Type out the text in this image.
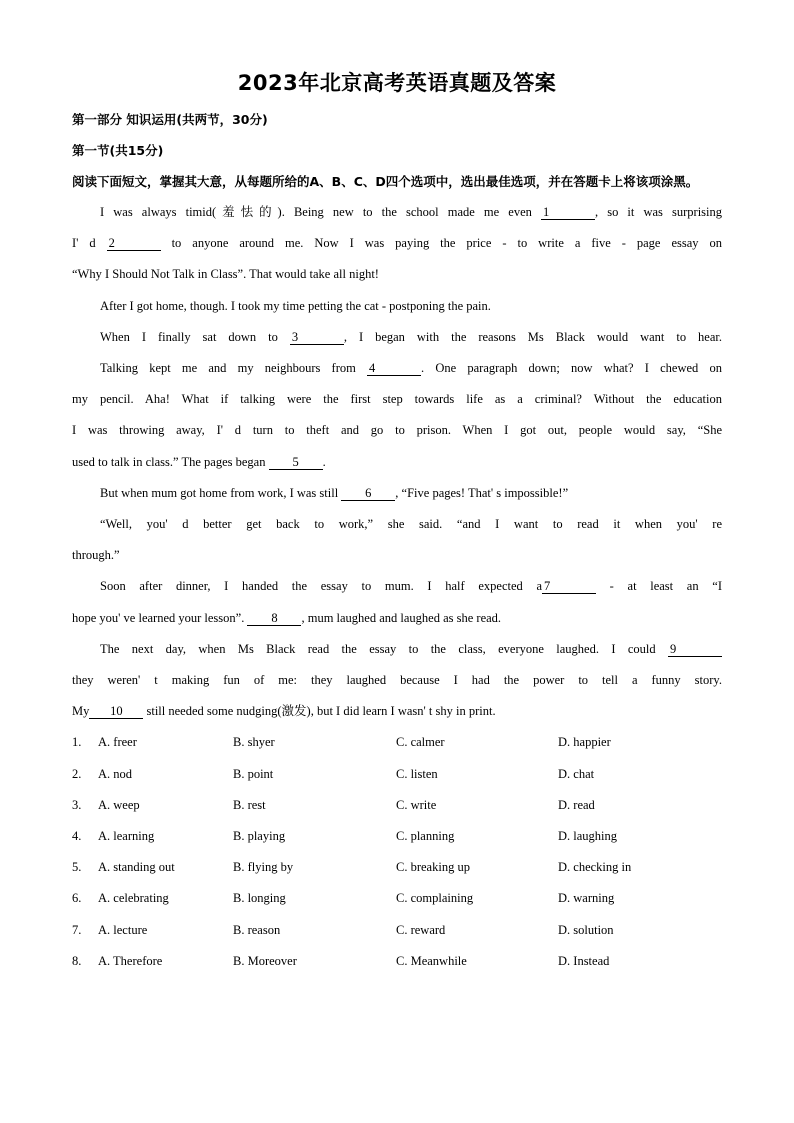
2023年北京高考英语真题及答案
第一部分 知识运用(共两节，30分)
第一节(共15分)
阅读下面短文，掌握其大意，从每题所给的A、B、C、D四个选项中，选出最佳选项，并在答题卡上将该项涂黑。
I was always timid(羞怯的). Being new to the school made me even 1	, so it was surprising
I' d 2	to anyone around me. Now I was paying the price - to write a five - page essay on
“Why I Should Not Talk in Class”. That would take all night!
After I got home, though. I took my time petting the cat - postponing the pain.
When I finally sat down to 3	, I began with the reasons Ms Black would want to hear.
Talking kept me and my neighbours from 4	. One paragraph down; now what? I chewed on
my pencil. Aha! What if talking were the first step towards life as a criminal? Without the education
I was throwing away, I' d turn to theft and go to prison. When I got out, people would say, “She
used to talk in class.” The pages began 5 .
But when mum got home from work, I was still 6 , “Five pages! That' s impossible!”
“Well, you' d better get back to work,” she said. “and I want to read it when you' re
through.”
Soon after dinner, I handed the essay to mum. I half expected a 7	- at least an “I
hope you' ve learned your lesson”. 8 , mum laughed and laughed as she read.
The next day, when Ms Black read the essay to the class, everyone laughed. I could 9
they weren' t making fun of me: they laughed because I had the power to tell a funny story.
My 10 still needed some nudging(激发), but I did learn I wasn' t shy in print.
1.	A. freer	B. shyer	C. calmer	D. happier
2.	A. nod	B. point	C. listen	D. chat
3.	A. weep	B. rest	C. write	D. read
4.	A. learning	B. playing	C. planning	D. laughing
5.	A. standing out	B. flying by	C. breaking up	D. checking in
6.	A. celebrating	B. longing	C. complaining	D. warning
7.	A. lecture	B. reason	C. reward	D. solution
8.	A. Therefore	B. Moreover	C. Meanwhile	D. Instead
